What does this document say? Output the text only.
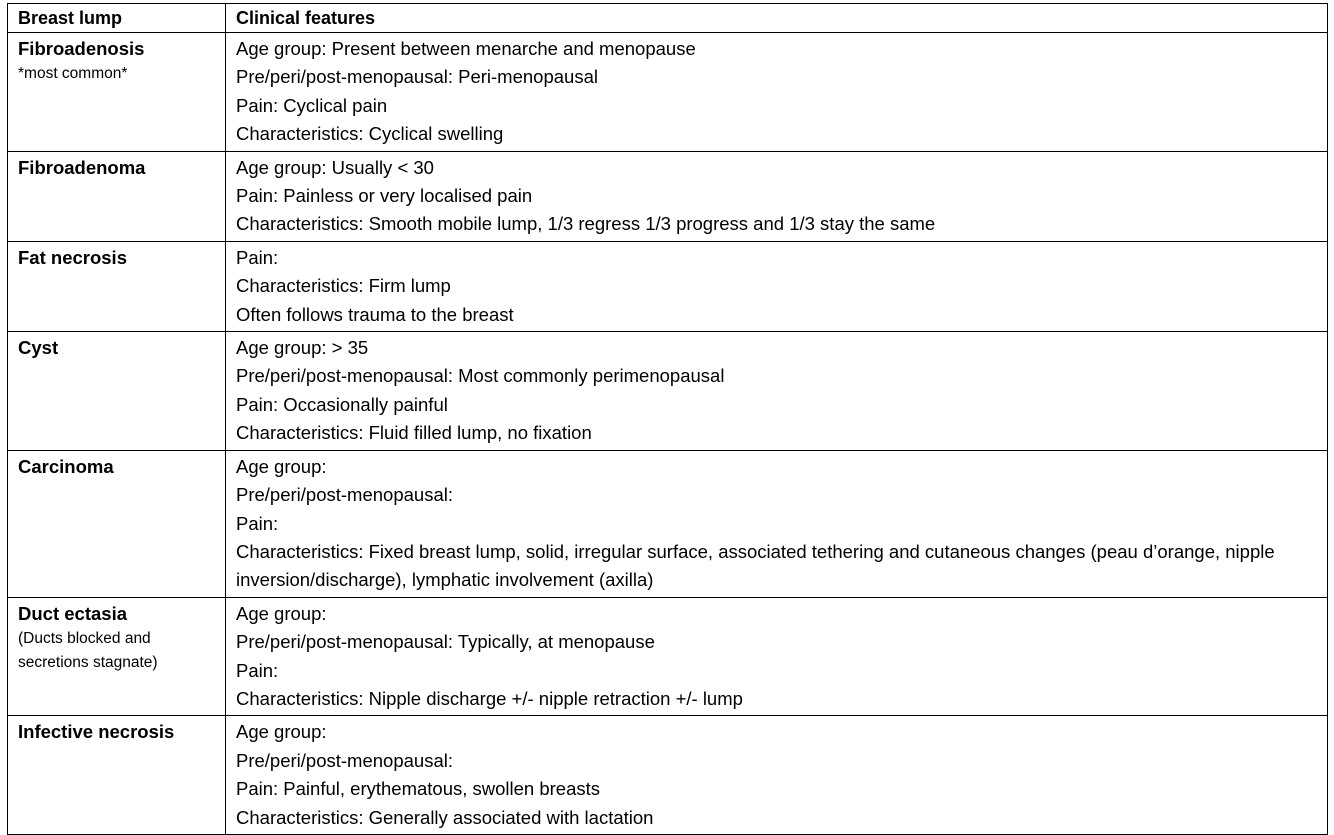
Breast lump	Clinical features

Fibroadenosis
*most common*	Age group: Present between menarche and menopause
Pre/peri/post-menopausal: Peri-menopausal
Pain: Cyclical pain
Characteristics: Cyclical swelling

Fibroadenoma	Age group: Usually < 30
Pain: Painless or very localised pain
Characteristics: Smooth mobile lump, 1/3 regress 1/3 progress and 1/3 stay the same

Fat necrosis	Pain:
Characteristics: Firm lump
Often follows trauma to the breast

Cyst	Age group: > 35
Pre/peri/post-menopausal: Most commonly perimenopausal
Pain: Occasionally painful
Characteristics: Fluid filled lump, no fixation

Carcinoma	Age group:
Pre/peri/post-menopausal:
Pain:
Characteristics: Fixed breast lump, solid, irregular surface, associated tethering and cutaneous changes (peau d’orange, nipple inversion/discharge), lymphatic involvement (axilla)

Duct ectasia
(Ducts blocked and secretions stagnate)	Age group:
Pre/peri/post-menopausal: Typically, at menopause
Pain:
Characteristics: Nipple discharge +/- nipple retraction +/- lump

Infective necrosis	Age group:
Pre/peri/post-menopausal:
Pain: Painful, erythematous, swollen breasts
Characteristics: Generally associated with lactation
